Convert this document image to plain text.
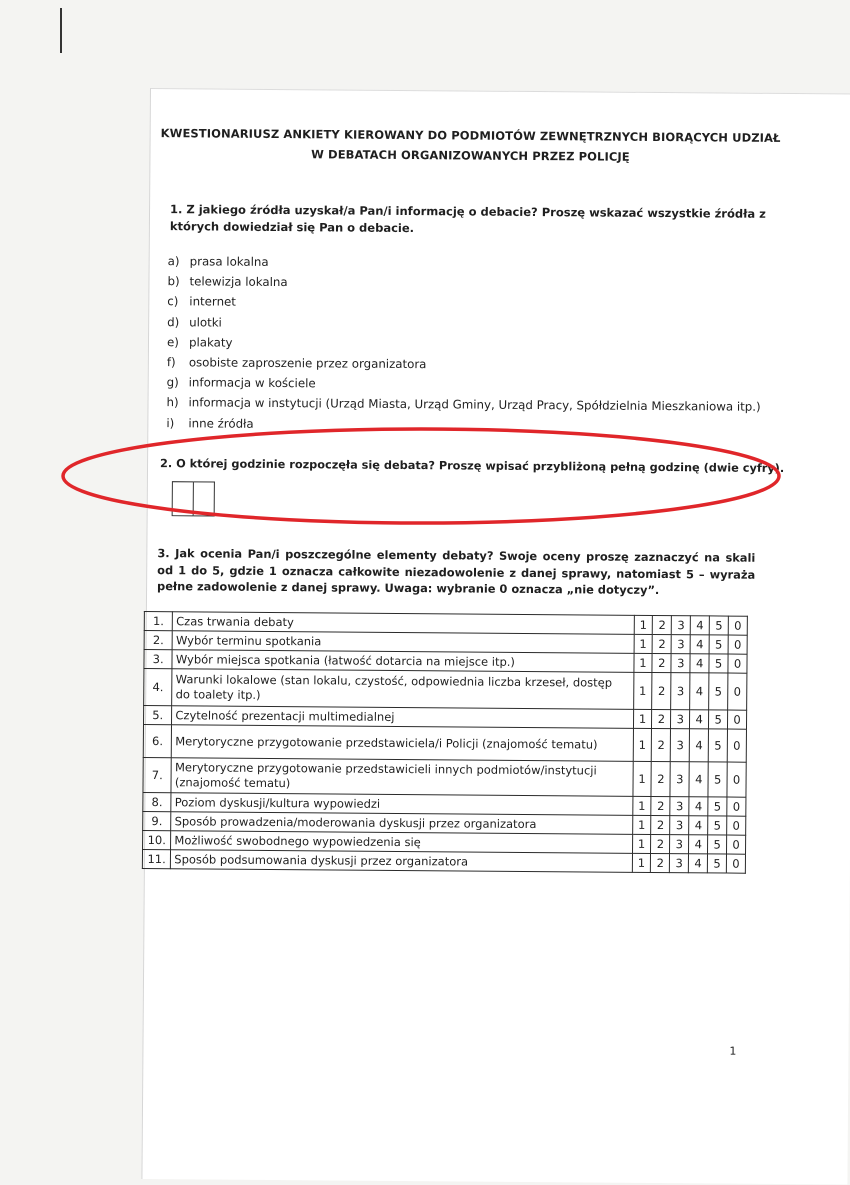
KWESTIONARIUSZ ANKIETY KIEROWANY DO PODMIOTÓW ZEWNĘTRZNYCH BIORĄCYCH UDZIAŁ
W DEBATACH ORGANIZOWANYCH PRZEZ POLICJĘ
1. Z jakiego źródła uzyskał/a Pan/i informację o debacie? Proszę wskazać wszystkie źródła z których dowiedział się Pan o debacie.
a) prasa lokalna
b) telewizja lokalna
c) internet
d) ulotki
e) plakaty
f)	osobiste zaproszenie przez organizatora
g) informacja w kościele
h) informacja w instytucji (Urząd Miasta, Urząd Gminy, Urząd Pracy, Spółdzielnia Mieszkaniowa itp.)
i)	inne źródła
2. O której godzinie rozpoczęła się debata? Proszę wpisać przybliżoną pełną godzinę (dwie cyfry).
3. Jak ocenia Pan/i poszczególne elementy debaty? Swoje oceny proszę zaznaczyć na skali od 1 do 5, gdzie 1 oznacza całkowite niezadowolenie z danej sprawy, natomiast 5 – wyraża pełne zadowolenie z danej sprawy. Uwaga: wybranie 0 oznacza „nie dotyczy”.
1.	Czas trwania debaty	1	2	3	4	5	0
2.	Wybór terminu spotkania	1	2	3	4	5	0
3.	Wybór miejsca spotkania (łatwość dotarcia na miejsce itp.)	1	2	3	4	5	0
4.	Warunki lokalowe (stan lokalu, czystość, odpowiednia liczba krzeseł, dostęp do toalety itp.)	1	2	3	4	5	0
5.	Czytelność prezentacji multimedialnej	1	2	3	4	5	0
6.	Merytoryczne przygotowanie przedstawiciela/i Policji (znajomość tematu)	1	2	3	4	5	0
7.	Merytoryczne przygotowanie przedstawicieli innych podmiotów/instytucji (znajomość tematu)	1	2	3	4	5	0
8.	Poziom dyskusji/kultura wypowiedzi	1	2	3	4	5	0
9.	Sposób prowadzenia/moderowania dyskusji przez organizatora	1	2	3	4	5	0
10.	Możliwość swobodnego wypowiedzenia się	1	2	3	4	5	0
11.	Sposób podsumowania dyskusji przez organizatora	1	2	3	4	5	0
1
